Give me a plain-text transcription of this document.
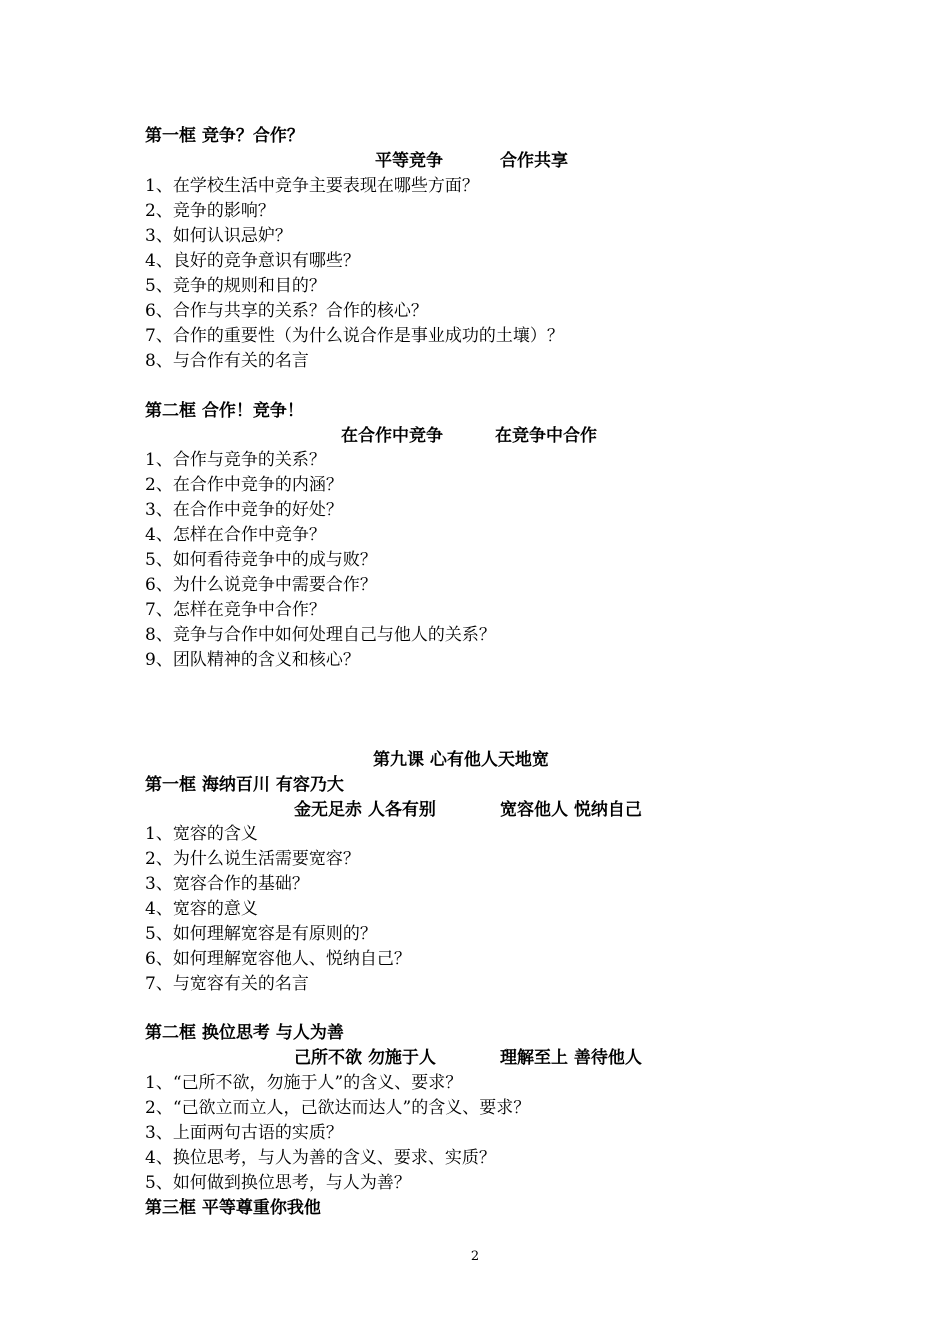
第一框 竞争？合作？
平等竞争	合作共享
1、在学校生活中竞争主要表现在哪些方面？
2、竞争的影响？
3、如何认识忌妒？
4、良好的竞争意识有哪些？
5、竞争的规则和目的？
6、合作与共享的关系？合作的核心？
7、合作的重要性（为什么说合作是事业成功的土壤）？
8、与合作有关的名言
第二框 合作！竞争！
在合作中竞争	在竞争中合作
1、合作与竞争的关系？
2、在合作中竞争的内涵？
3、在合作中竞争的好处？
4、怎样在合作中竞争？
5、如何看待竞争中的成与败？
6、为什么说竞争中需要合作？
7、怎样在竞争中合作？
8、竞争与合作中如何处理自己与他人的关系？
9、团队精神的含义和核心？
第九课 心有他人天地宽
第一框 海纳百川 有容乃大
金无足赤 人各有别	宽容他人 悦纳自己
1、宽容的含义
2、为什么说生活需要宽容？
3、宽容合作的基础？
4、宽容的意义
5、如何理解宽容是有原则的？
6、如何理解宽容他人、悦纳自己？
7、与宽容有关的名言
第二框 换位思考 与人为善
己所不欲 勿施于人	理解至上 善待他人
1、“己所不欲，勿施于人”的含义、要求？
2、“己欲立而立人，己欲达而达人”的含义、要求？
3、上面两句古语的实质？
4、换位思考，与人为善的含义、要求、实质？
5、如何做到换位思考，与人为善？
第三框 平等尊重你我他
2
